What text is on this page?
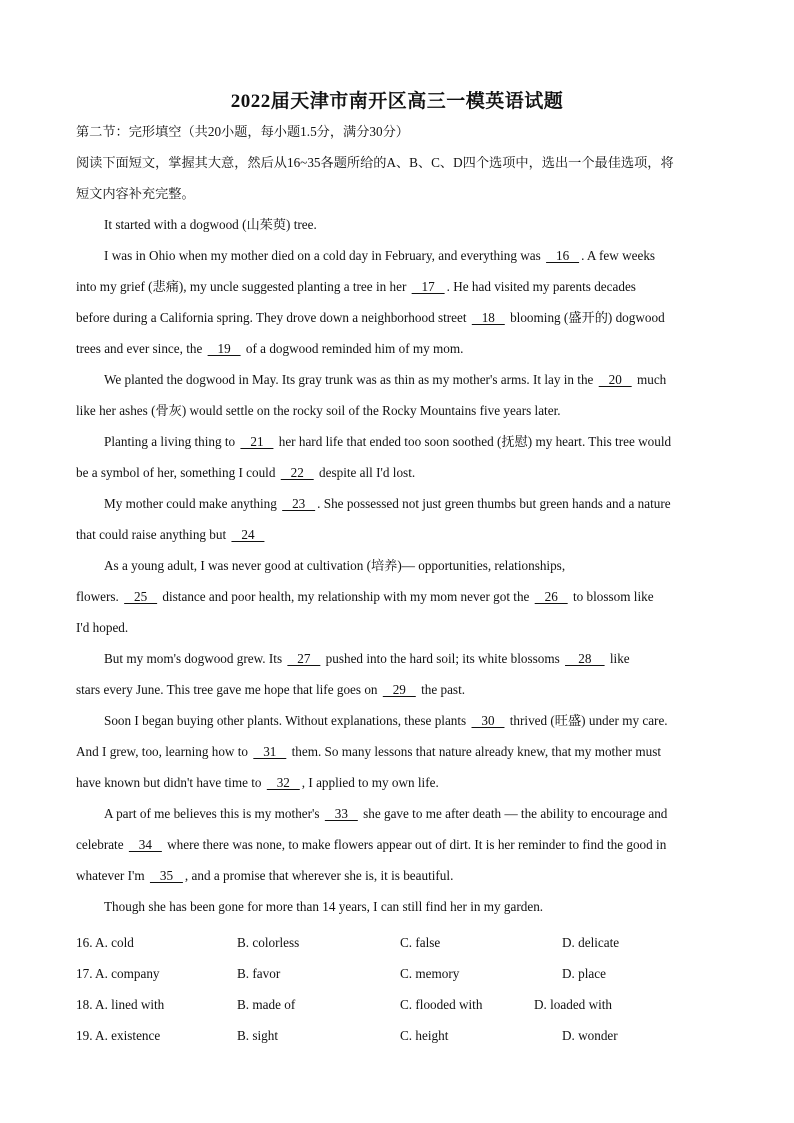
2022届天津市南开区高三一模英语试题
第二节：完形填空（共20小题，每小题1.5分，满分30分）
阅读下面短文，掌握其大意，然后从16~35各题所给的A、B、C、D四个选项中，选出一个最佳选项，将
短文内容补充完整。
It started with a dogwood (山茱萸) tree.
I was in Ohio when my mother died on a cold day in February, and everything was    16   . A few weeks
into my grief (悲痛), my uncle suggested planting a tree in her    17   . He had visited my parents decades
before during a California spring. They drove down a neighborhood street    18    blooming (盛开的) dogwood
trees and ever since, the    19    of a dogwood reminded him of my mom.
We planted the dogwood in May. Its gray trunk was as thin as my mother's arms. It lay in the    20    much
like her ashes (骨灰) would settle on the rocky soil of the Rocky Mountains five years later.
Planting a living thing to    21    her hard life that ended too soon soothed (抚慰) my heart. This tree would
be a symbol of her, something I could    22    despite all I'd lost.
My mother could make anything    23   . She possessed not just green thumbs but green hands and a nature
that could raise anything but    24
As a young adult, I was never good at cultivation (培养)— opportunities, relationships,
flowers.    25    distance and poor health, my relationship with my mom never got the    26    to blossom like
I'd hoped.
But my mom's dogwood grew. Its    27    pushed into the hard soil; its white blossoms     28     like
stars every June. This tree gave me hope that life goes on    29    the past.
Soon I began buying other plants. Without explanations, these plants    30    thrived (旺盛) under my care.
And I grew, too, learning how to    31    them. So many lessons that nature already knew, that my mother must
have known but didn't have time to    32   , I applied to my own life.
A part of me believes this is my mother's    33    she gave to me after death — the ability to encourage and
celebrate    34    where there was none, to make flowers appear out of dirt. It is her reminder to find the good in
whatever I'm    35   , and a promise that wherever she is, it is beautiful.
Though she has been gone for more than 14 years, I can still find her in my garden.
16. A. cold	B. colorless	C. false	D. delicate
17. A. company	B. favor	C. memory	D. place
18. A. lined with	B. made of	C. flooded with	D. loaded with
19. A. existence	B. sight	C. height	D. wonder
